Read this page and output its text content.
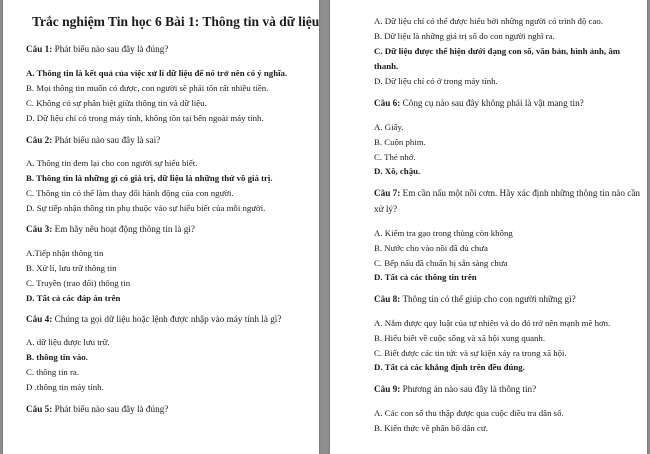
Trắc nghiệm Tin học 6 Bài 1: Thông tin và dữ liệu
Câu 1: Phát biểu nào sau đây là đúng?
A. Thông tin là kết quả của việc xử lí dữ liệu để nó trở nên có ý nghĩa.
B. Mọi thông tin muốn có được, con người sẽ phải tốn rất nhiều tiền.
C. Không có sự phân biệt giữa thông tin và dữ liệu.
D. Dữ liệu chỉ có trong máy tính, không tồn tại bên ngoài máy tính.
Câu 2: Phát biểu nào sau đây là sai?
A. Thông tin đem lại cho con người sự hiểu biết.
B. Thông tin là những gì có giá trị, dữ liệu là những thứ vô giá trị.
C. Thông tin có thể làm thay đổi hành động của con người.
D. Sự tiếp nhận thông tin phụ thuộc vào sự hiểu biết của mỗi người.
Câu 3: Em hãy nêu hoạt động thông tin là gì?
A.Tiếp nhận thông tin
B. Xử lí, lưu trữ thông tin
C. Truyền (trao đổi) thông tin
D. Tất cả các đáp án trên
Câu 4: Chúng ta gọi dữ liệu hoặc lệnh được nhập vào máy tính là gì?
A. dữ liệu được lưu trữ.
B. thông tin vào.
C. thông tin ra.
D .thông tin máy tính.
Câu 5: Phát biểu nào sau đây là đúng?
A. Dữ liệu chỉ có thể được hiểu bởi những người có trình độ cao.
B. Dữ liệu là những giá trị số do con người nghĩ ra.
C. Dữ liệu được thể hiện dưới dạng con số, văn bản, hình ảnh, âm
thanh.
D. Dữ liệu chỉ có ở trong máy tính.
Câu 6: Công cụ nào sau đây không phải là vật mang tin?
A. Giấy.
B. Cuộn phim.
C. Thẻ nhớ.
D. Xô, chậu.
Câu 7: Em cần nấu một nồi cơm. Hãy xác định những thông tin nào cần
xử lý?
A. Kiểm tra gạo trong thùng còn không
B. Nước cho vào nồi đã đủ chưa
C. Bếp nấu đã chuẩn bị sẵn sàng chưa
D. Tất cả các thông tin trên
Câu 8: Thông tin có thể giúp cho con người những gì?
A. Nắm được quy luật của tự nhiên và do đó trở nên mạnh mẽ hơn.
B. Hiểu biết về cuộc sống và xã hội xung quanh.
C. Biết được các tin tức và sự kiện xảy ra trong xã hội.
D. Tất cả các khẳng định trên đều đúng.
Câu 9: Phương án nào sau đây là thông tin?
A. Các con số thu thập được qua cuộc điều tra dân số.
B. Kiến thức về phân bố dân cư.
